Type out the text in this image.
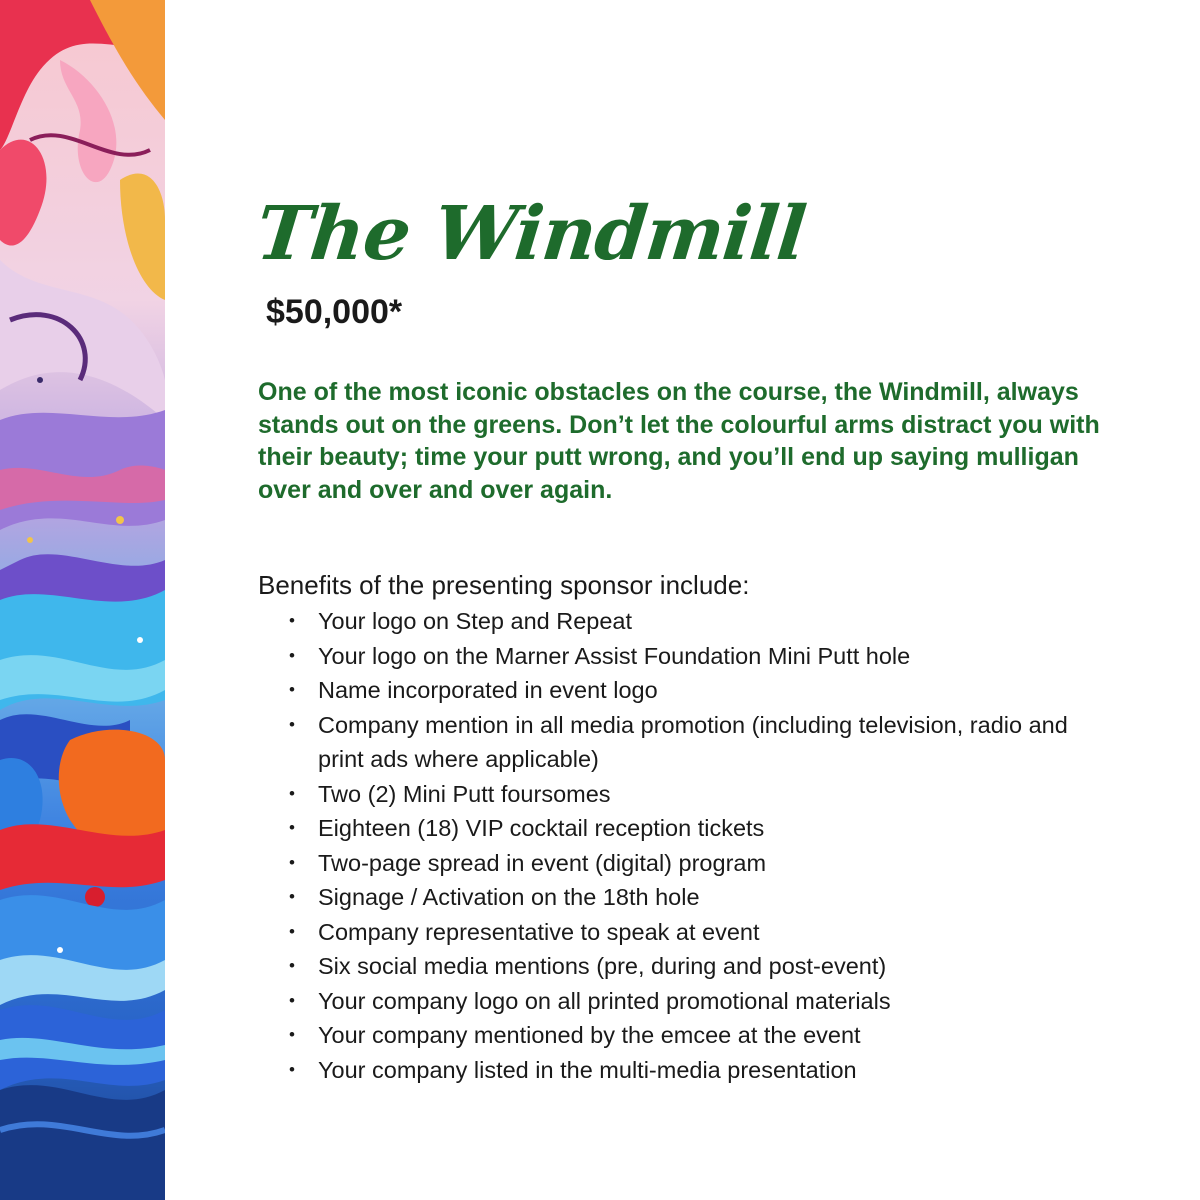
The Windmill
$50,000*

One of the most iconic obstacles on the course, the Windmill, always stands out on the greens. Don’t let the colourful arms distract you with their beauty; time your putt wrong, and you’ll end up saying mulligan over and over and over again.

Benefits of the presenting sponsor include:
• Your logo on Step and Repeat
• Your logo on the Marner Assist Foundation Mini Putt hole
• Name incorporated in event logo
• Company mention in all media promotion (including television, radio and print ads where applicable)
• Two (2) Mini Putt foursomes
• Eighteen (18) VIP cocktail reception tickets
• Two-page spread in event (digital) program
• Signage / Activation on the 18th hole
• Company representative to speak at event
• Six social media mentions (pre, during and post-event)
• Your company logo on all printed promotional materials
• Your company mentioned by the emcee at the event
• Your company listed in the multi-media presentation
